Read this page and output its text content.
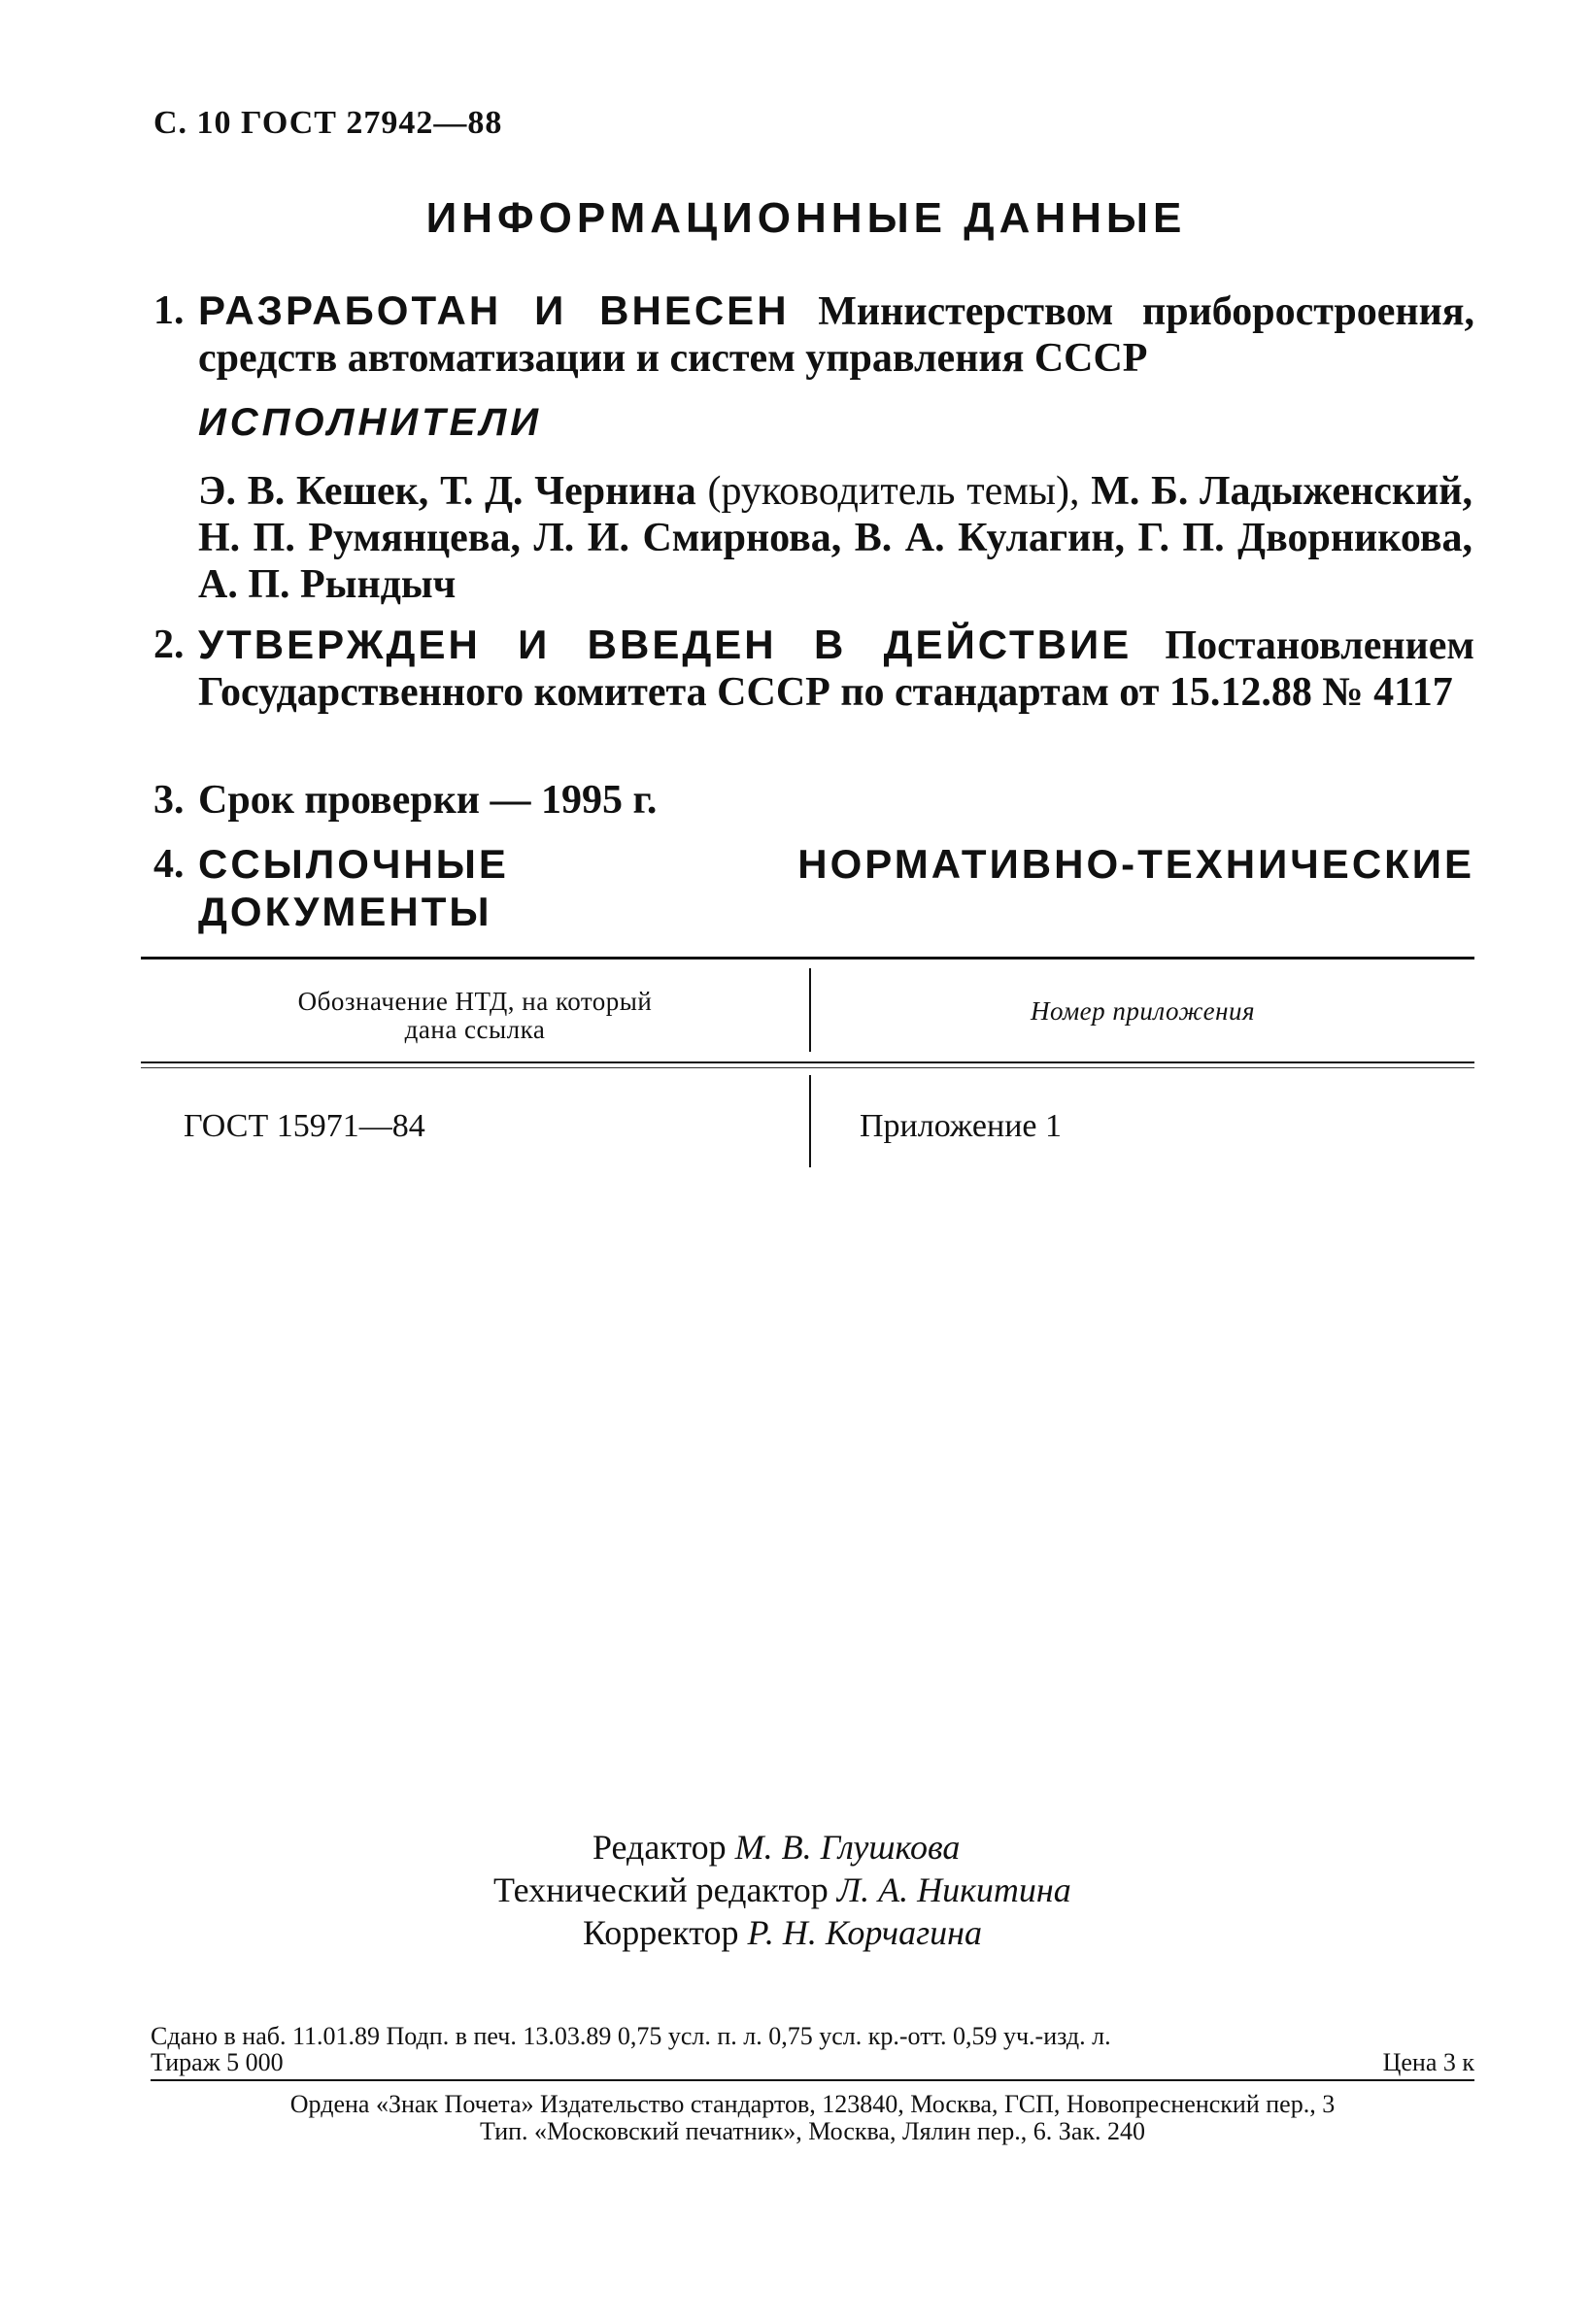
С. 10 ГОСТ 27942—88
ИНФОРМАЦИОННЫЕ ДАННЫЕ
1. РАЗРАБОТАН И ВНЕСЕН Министерством приборостроения, средств автоматизации и систем управления СССР
ИСПОЛНИТЕЛИ
Э. В. Кешек, Т. Д. Чернина (руководитель темы), М. Б. Ладыженский, Н. П. Румянцева, Л. И. Смирнова, В. А. Кулагин, Г. П. Дворникова, А. П. Рындыч
2. УТВЕРЖДЕН И ВВЕДЕН В ДЕЙСТВИЕ Постановлением Государственного комитета СССР по стандартам от 15.12.88 № 4117
3. Срок проверки — 1995 г.
4. ССЫЛОЧНЫЕ НОРМАТИВНО-ТЕХНИЧЕСКИЕ ДОКУМЕНТЫ
Обозначение НТД, на который
дана ссылка
Номер приложения
ГОСТ 15971—84	Приложение 1
Редактор М. В. Глушкова
Технический редактор Л. А. Никитина
Корректор Р. Н. Корчагина
Сдано в наб. 11.01.89 Подп. в печ. 13.03.89 0,75 усл. п. л. 0,75 усл. кр.-отт. 0,59 уч.-изд. л.
Тираж 5 000	Цена 3 к
Ордена «Знак Почета» Издательство стандартов, 123840, Москва, ГСП, Новопресненский пер., 3
Тип. «Московский печатник», Москва, Лялин пер., 6. Зак. 240
